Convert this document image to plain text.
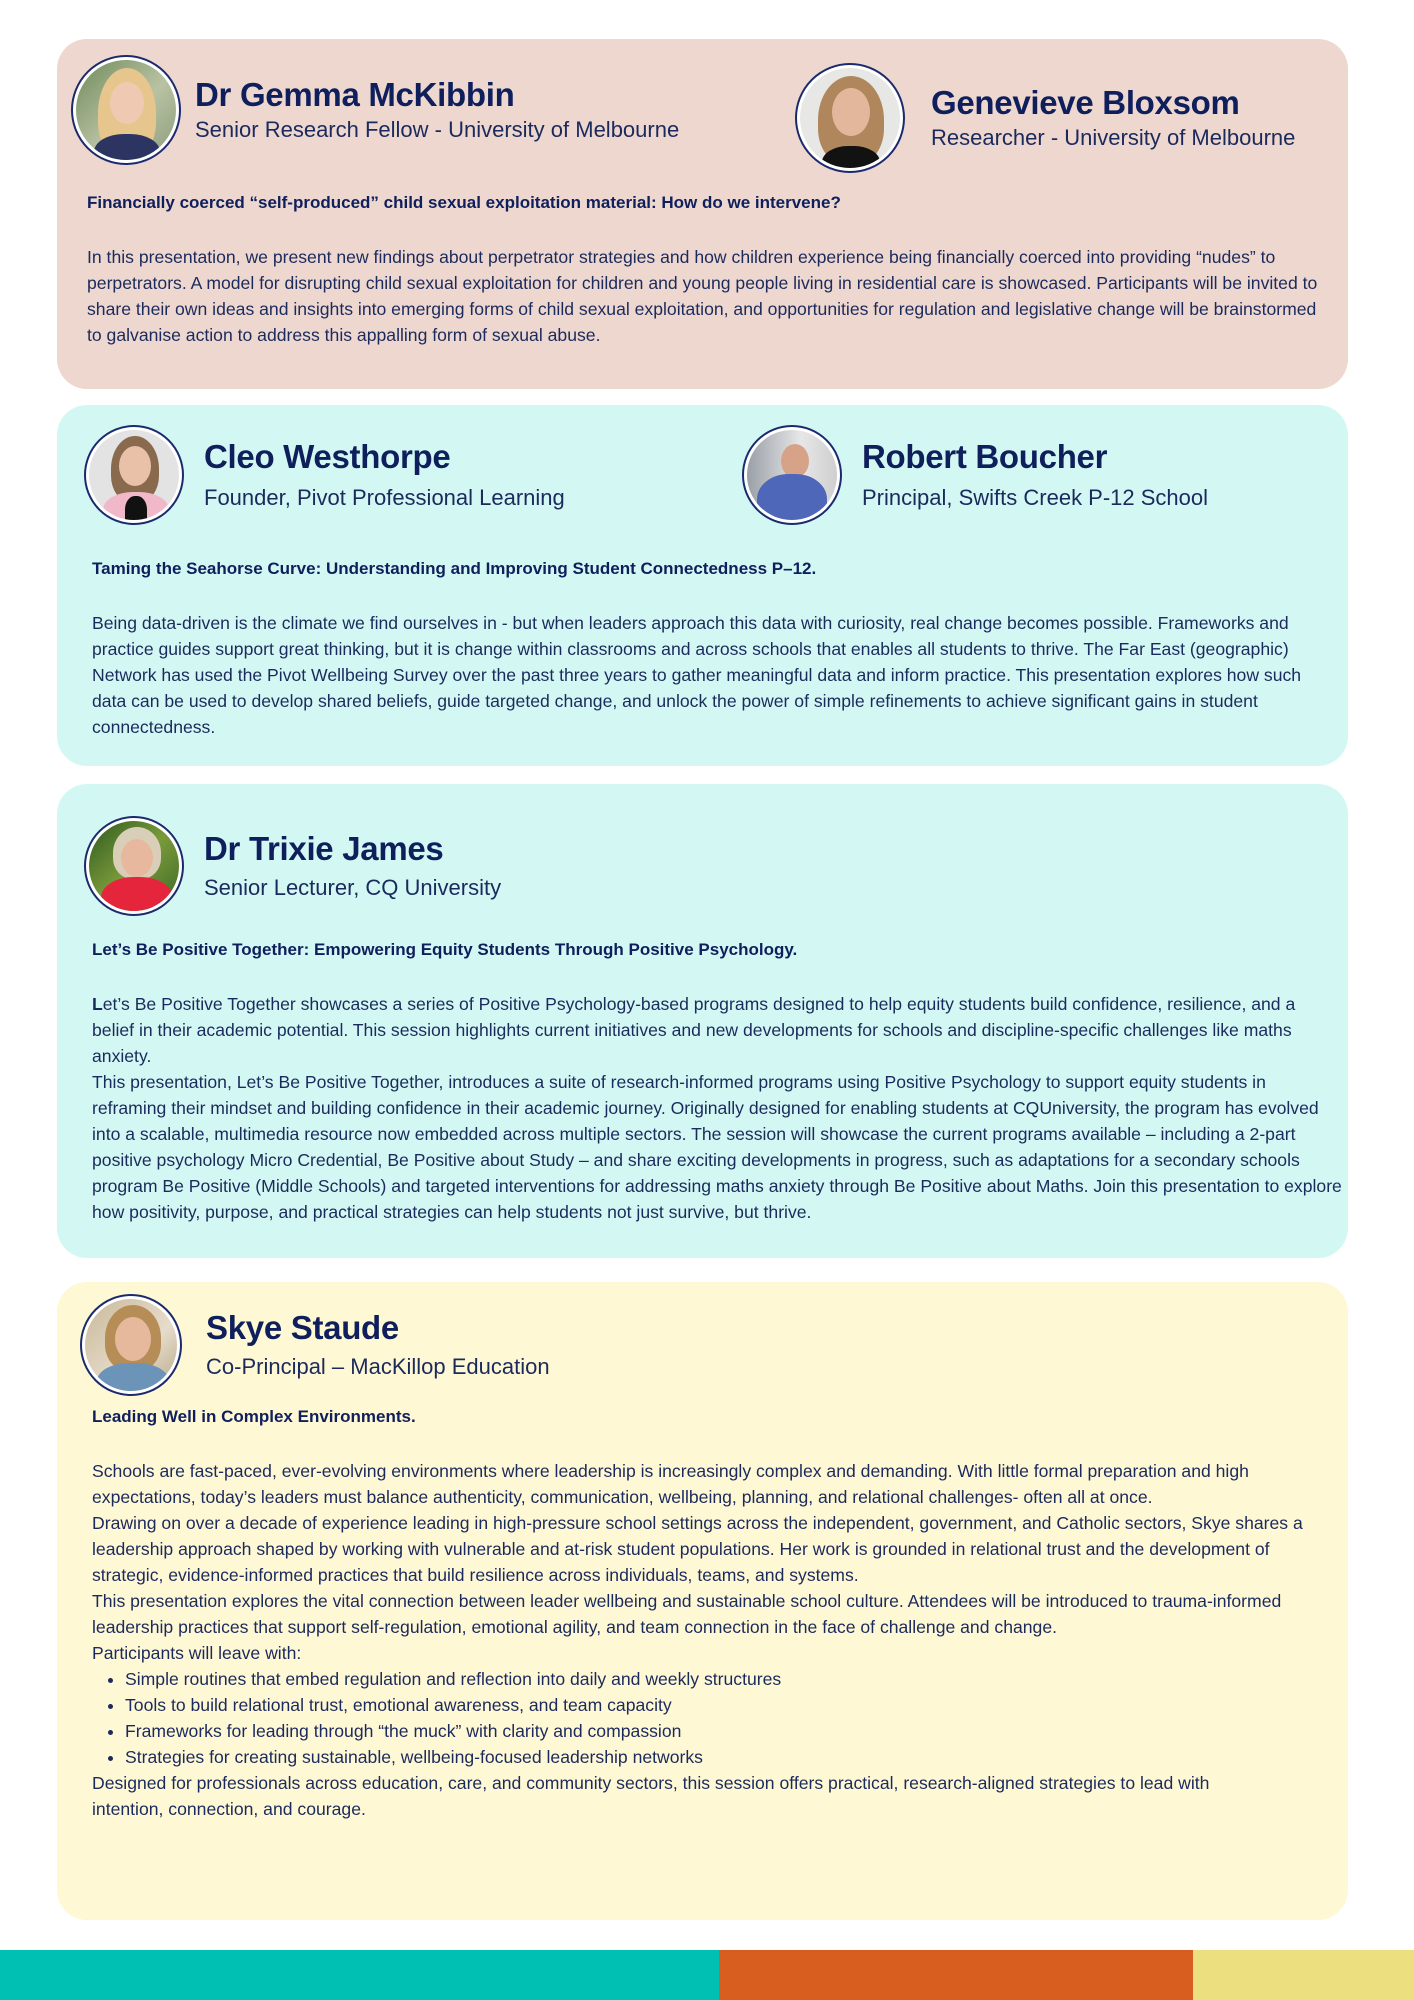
Dr Gemma McKibbin
Senior Research Fellow - University of Melbourne
Genevieve Bloxsom
Researcher - University of Melbourne
Financially coerced “self-produced” child sexual exploitation material: How do we intervene?

In this presentation, we present new findings about perpetrator strategies and how children experience being financially coerced into providing “nudes” to perpetrators. A model for disrupting child sexual exploitation for children and young people living in residential care is showcased. Participants will be invited to share their own ideas and insights into emerging forms of child sexual exploitation, and opportunities for regulation and legislative change will be brainstormed to galvanise action to address this appalling form of sexual abuse.

Cleo Westhorpe
Founder, Pivot Professional Learning
Robert Boucher
Principal, Swifts Creek P-12 School
Taming the Seahorse Curve: Understanding and Improving Student Connectedness P–12.

Being data-driven is the climate we find ourselves in - but when leaders approach this data with curiosity, real change becomes possible. Frameworks and practice guides support great thinking, but it is change within classrooms and across schools that enables all students to thrive. The Far East (geographic) Network has used the Pivot Wellbeing Survey over the past three years to gather meaningful data and inform practice. This presentation explores how such data can be used to develop shared beliefs, guide targeted change, and unlock the power of simple refinements to achieve significant gains in student connectedness.

Dr Trixie James
Senior Lecturer, CQ University
Let’s Be Positive Together: Empowering Equity Students Through Positive Psychology.

Let’s Be Positive Together showcases a series of Positive Psychology-based programs designed to help equity students build confidence, resilience, and a belief in their academic potential. This session highlights current initiatives and new developments for schools and discipline-specific challenges like maths anxiety.

This presentation, Let’s Be Positive Together, introduces a suite of research-informed programs using Positive Psychology to support equity students in reframing their mindset and building confidence in their academic journey. Originally designed for enabling students at CQUniversity, the program has evolved into a scalable, multimedia resource now embedded across multiple sectors. The session will showcase the current programs available – including a 2-part positive psychology Micro Credential, Be Positive about Study – and share exciting developments in progress, such as adaptations for a secondary schools program Be Positive (Middle Schools) and targeted interventions for addressing maths anxiety through Be Positive about Maths. Join this presentation to explore how positivity, purpose, and practical strategies can help students not just survive, but thrive.

Skye Staude
Co-Principal – MacKillop Education
Leading Well in Complex Environments.

Schools are fast-paced, ever-evolving environments where leadership is increasingly complex and demanding. With little formal preparation and high expectations, today’s leaders must balance authenticity, communication, wellbeing, planning, and relational challenges- often all at once.

Drawing on over a decade of experience leading in high-pressure school settings across the independent, government, and Catholic sectors, Skye shares a leadership approach shaped by working with vulnerable and at-risk student populations. Her work is grounded in relational trust and the development of strategic, evidence-informed practices that build resilience across individuals, teams, and systems.

This presentation explores the vital connection between leader wellbeing and sustainable school culture. Attendees will be introduced to trauma-informed leadership practices that support self-regulation, emotional agility, and team connection in the face of challenge and change.

Participants will leave with:

• Simple routines that embed regulation and reflection into daily and weekly structures
• Tools to build relational trust, emotional awareness, and team capacity
• Frameworks for leading through “the muck” with clarity and compassion
• Strategies for creating sustainable, wellbeing-focused leadership networks

Designed for professionals across education, care, and community sectors, this session offers practical, research-aligned strategies to lead with intention, connection, and courage.
